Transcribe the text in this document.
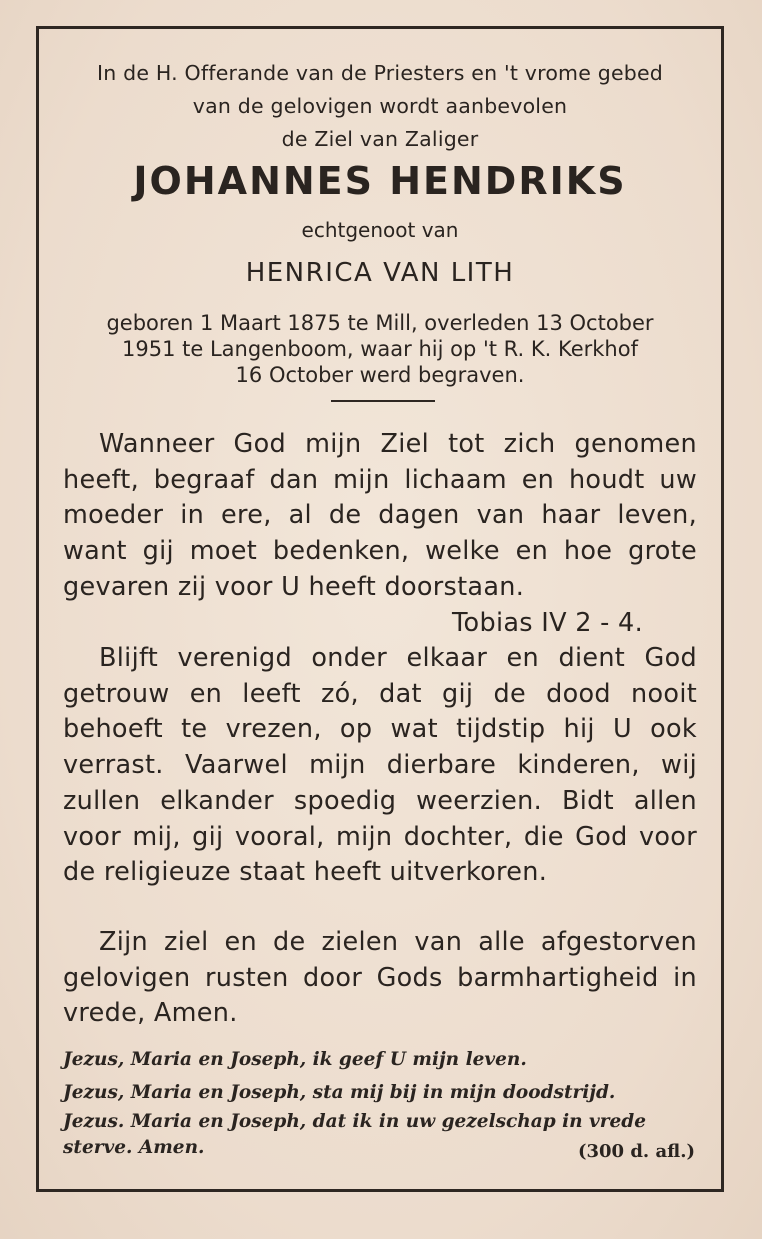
In de H. Offerande van de Priesters en 't vrome gebed
van de gelovigen wordt aanbevolen
de Ziel van Zaliger
JOHANNES HENDRIKS
echtgenoot van
HENRICA VAN LITH
geboren 1 Maart 1875 te Mill, overleden 13 October
1951 te Langenboom, waar hij op 't R. K. Kerkhof
16 October werd begraven.

Wanneer God mijn Ziel tot zich genomen heeft, begraaf dan mijn lichaam en houdt uw moeder in ere, al de dagen van haar leven, want gij moet bedenken, welke en hoe grote gevaren zij voor U heeft doorstaan.
Tobias IV 2 - 4.

Blijft verenigd onder elkaar en dient God getrouw en leeft zó, dat gij de dood nooit behoeft te vrezen, op wat tijdstip hij U ook verrast. Vaarwel mijn dierbare kinderen, wij zullen elkander spoedig weerzien. Bidt allen voor mij, gij vooral, mijn dochter, die God voor de religieuze staat heeft uitverkoren.

Zijn ziel en de zielen van alle afgestorven gelovigen rusten door Gods barmhartigheid in vrede, Amen.

Jezus, Maria en Joseph, ik geef U mijn leven.
Jezus, Maria en Joseph, sta mij bij in mijn doodstrijd.
Jezus. Maria en Joseph, dat ik in uw gezelschap in vrede sterve. Amen.	(300 d. afl.)
